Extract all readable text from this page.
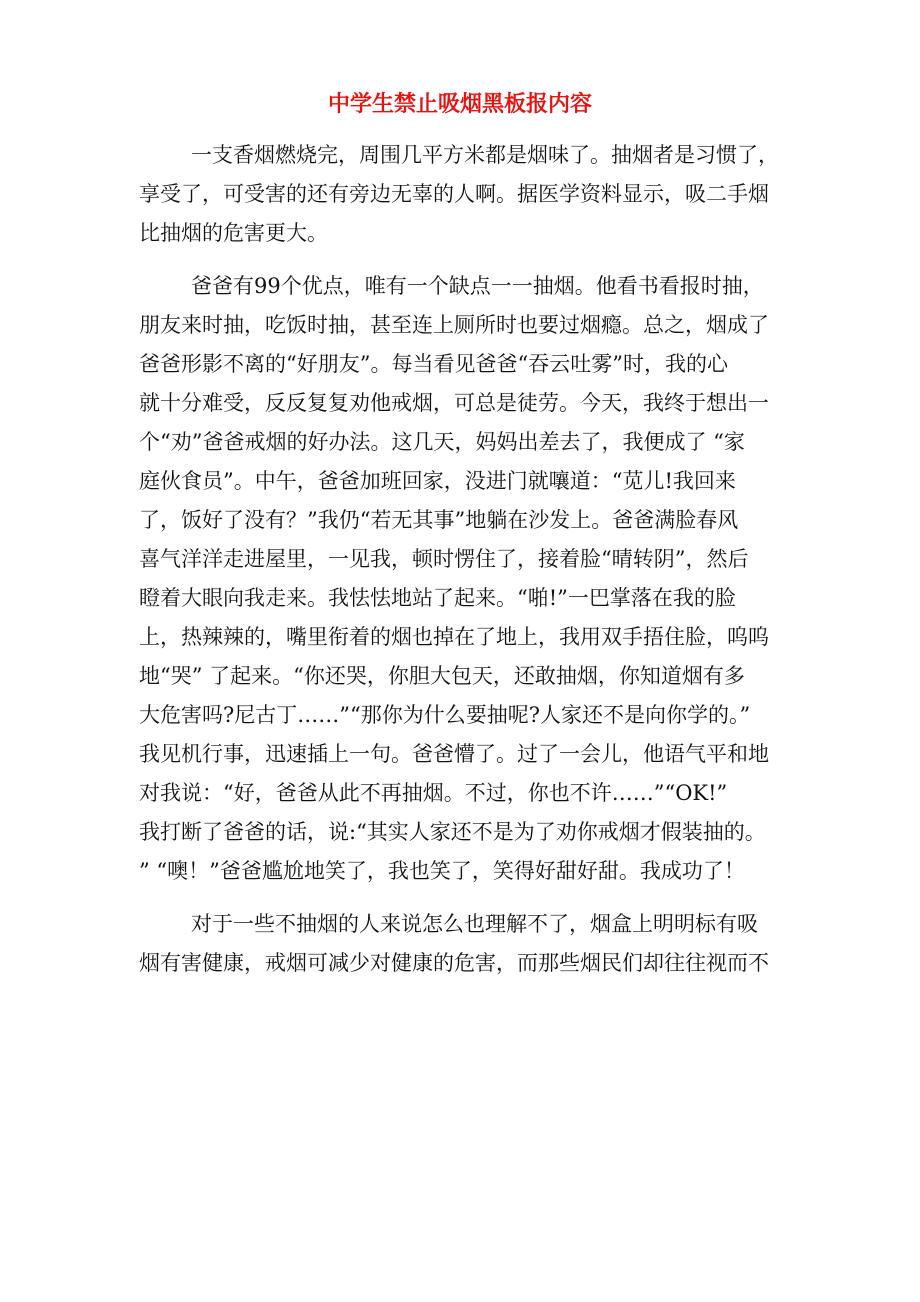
中学生禁止吸烟黑板报内容
一支香烟燃烧完，周围几平方米都是烟味了。抽烟者是习惯了，
享受了，可受害的还有旁边无辜的人啊。据医学资料显示，吸二手烟
比抽烟的危害更大。
爸爸有99个优点，唯有一个缺点一一抽烟。他看书看报时抽，
朋友来时抽，吃饭时抽，甚至连上厕所时也要过烟瘾。总之，烟成了
爸爸形影不离的“好朋友”。每当看见爸爸“吞云吐雾”时，我的心
就十分难受，反反复复劝他戒烟，可总是徒劳。今天，我终于想出一
个“劝”爸爸戒烟的好办法。这几天，妈妈出差去了，我便成了 “家
庭伙食员”。中午，爸爸加班回家，没进门就嚷道：“苋儿!我回来
了，饭好了没有？”我仍“若无其事”地躺在沙发上。爸爸满脸春风
喜气洋洋走进屋里，一见我，顿时愣住了，接着脸“晴转阴”，然后
瞪着大眼向我走来。我怯怯地站了起来。“啪!”一巴掌落在我的脸
上，热辣辣的，嘴里衔着的烟也掉在了地上，我用双手捂住脸，呜呜
地“哭” 了起来。“你还哭，你胆大包天，还敢抽烟，你知道烟有多
大危害吗?尼古丁……”“那你为什么要抽呢?人家还不是向你学的。”
我见机行事，迅速插上一句。爸爸懵了。过了一会儿，他语气平和地
对我说：“好，爸爸从此不再抽烟。不过，你也不许……”“OK!”
我打断了爸爸的话，说:“其实人家还不是为了劝你戒烟才假装抽的。
” “噢！”爸爸尴尬地笑了，我也笑了，笑得好甜好甜。我成功了！
对于一些不抽烟的人来说怎么也理解不了，烟盒上明明标有吸
烟有害健康，戒烟可减少对健康的危害，而那些烟民们却往往视而不
